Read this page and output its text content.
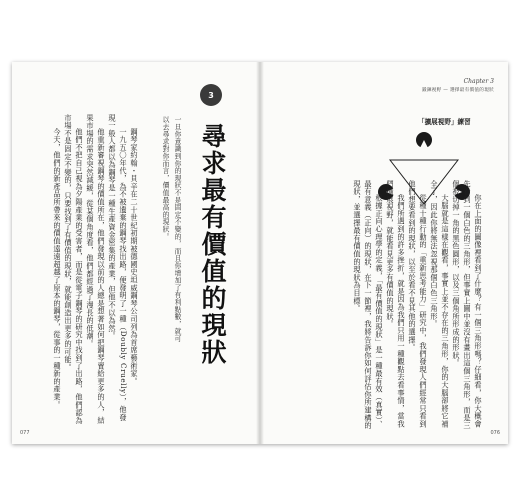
3
尋求最有價值的現狀
一旦你意識到你的現狀不是固定不變的，而且你增加了有利點數，就可以去尋求對你而言，價值最高的現狀。
鋼琴家約翰・貝辛在二十世紀初期被德國史坦威鋼琴公司列為首席藝術家。
一九五〇年代，為不被遺棄的鋼琴找出路，便發明了一種（Doubly Cruelly），他發現一般人都以為鋼琴是一種生產資金密集的產業，但他不以為然。
他重新審視鋼琴的價值所在，他們發現以前的人總是想著如何把鋼琴賣給更多的人，結果市場的需求突然減緩，從某個角度看，他們都經過了漫長的低潮。
他們不把自己視為夕陽產業的受害者，而是從電子鋼琴的研究中找到了出路，他們認為市場不是固定不變的，只要找到了有價值的現狀，就能創造出更多的可能。
今天，他們的新產品所帶來的價值遠遠超越了原本的鋼琴，從事的一種新的產業。
077
Chapter 3
鍛鍊視野 — 選擇最有價值的現狀
「擴展視野」練習
你在上面的圖像裡看到了什麼？有一個三角形嗎？仔細看，你大概會先看到一個白色的三角形，但事實上圖中並沒有畫出這個三角形，而是三個被切掉一角的黑色圓形，以及三個角所形成的形狀。
大腦就是這樣在觀看，事實上並不存在的三角形，你的大腦卻將它補全了，因此你將無法忽視那個白色三角形。
從種十種行動的「重新思考能力」研究中，我們發現人們經常只看到他們想要看到的現狀，以至於看不見其他的選擇。
我們所遇到的許多挫折，就是因為我們只用一種觀點去看事情，當我們擴展視野，就能看見更多有價值的現狀。
根據正向心理學的定義，「最有價值的現狀」是一種最有效（真實）、最有意義（正向）的現狀，在下一節裡，我將告訴你如何評估你所建構的現狀，並選擇最有價值的現狀為目標。
076
